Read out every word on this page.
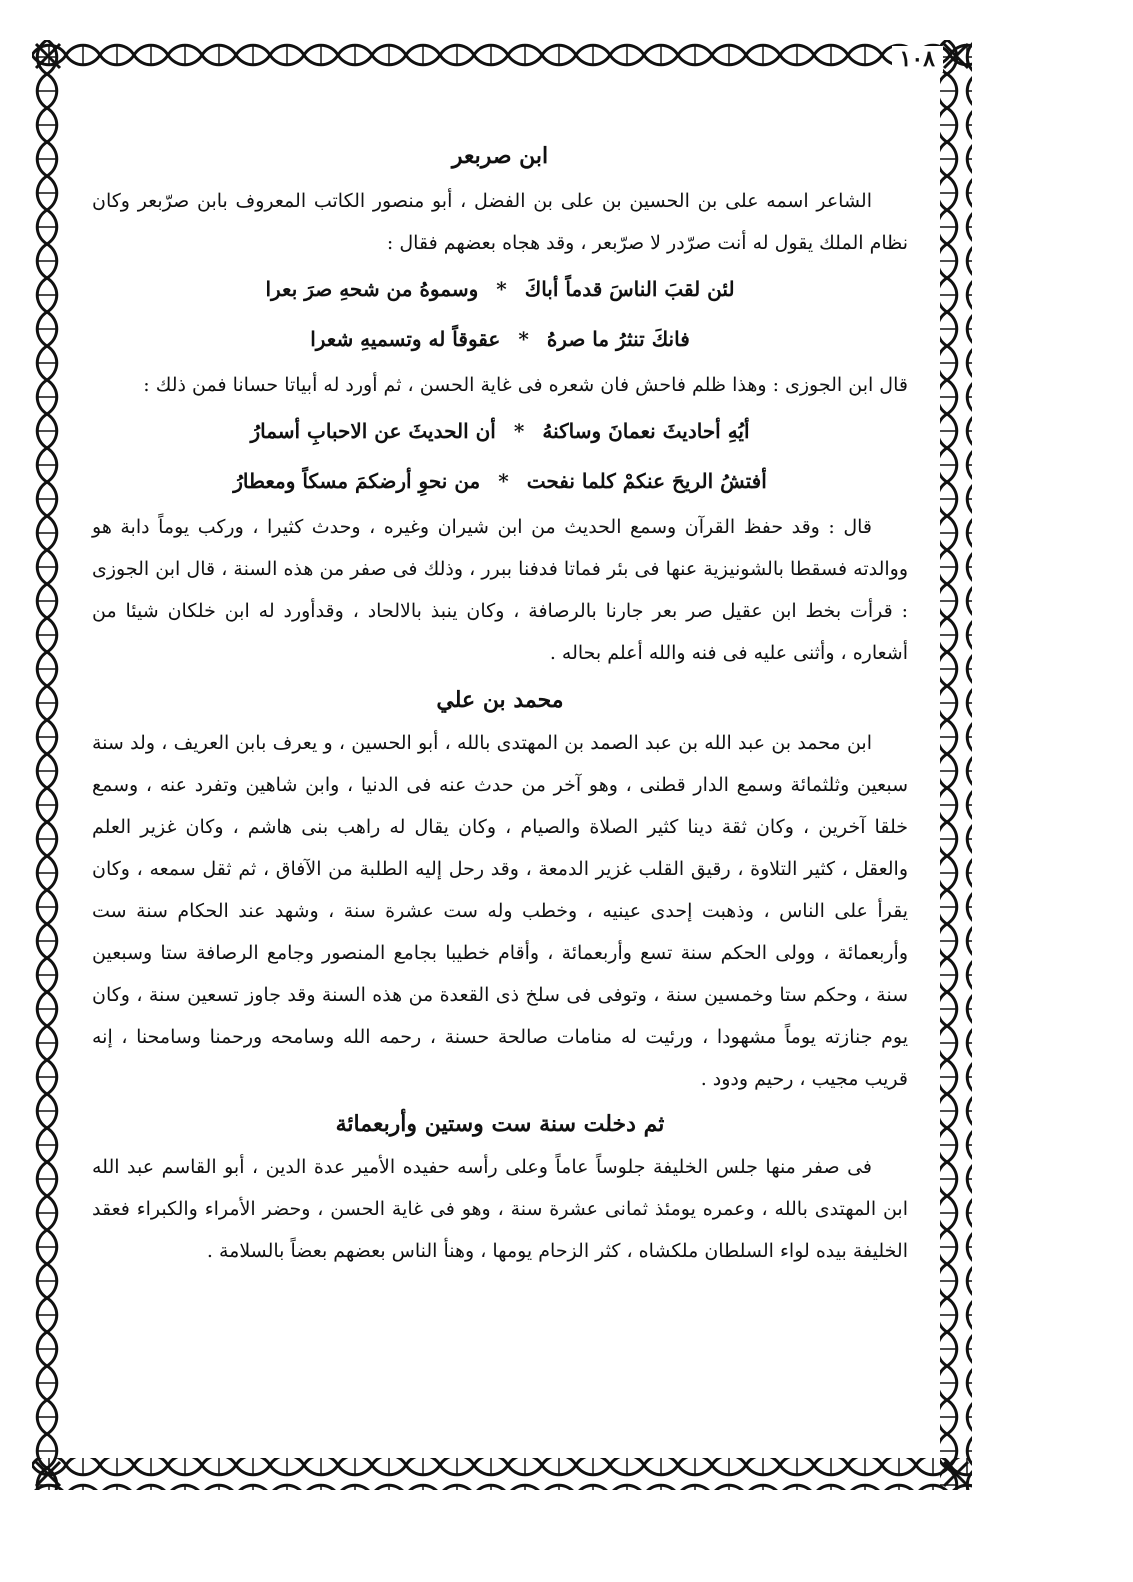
١٠٨
ابن صربعر

الشاعر اسمه على بن الحسين بن على بن الفضل ، أبو منصور الكاتب المعروف بابن صرّبعر وكان نظام الملك يقول له أنت صرّدر لا صرّبعر ، وقد هجاه بعضهم فقال :

لئن لقبَ الناسَ قدماً أباكَ
*
وسموهُ من شحهِ صرَ بعرا
فانكَ تنثرُ ما صرهُ
*
عقوقاً له وتسميهِ شعرا

قال ابن الجوزى : وهذا ظلم فاحش فان شعره فى غاية الحسن ، ثم أورد له أبياتا حسانا فمن ذلك :

أيُهِ أحاديثَ نعمانَ وساكنهُ
*
أن الحديثَ عن الاحبابِ أسمارُ
أفتشُ الريحَ عنكمْ كلما نفحت
*
من نحوِ أرضكمَ مسكاً ومعطارُ

قال : وقد حفظ القرآن وسمع الحديث من ابن شيران وغيره ، وحدث كثيرا ، وركب يوماً دابة هو ووالدته فسقطا بالشونيزية عنها فى بئر فماتا فدفنا ببرر ، وذلك فى صفر من هذه السنة ، قال ابن الجوزى : قرأت بخط ابن عقيل صر بعر جارنا بالرصافة ، وكان ينبذ بالالحاد ، وقدأورد له ابن خلكان شيئا من أشعاره ، وأثنى عليه فى فنه والله أعلم بحاله .

محمد بن علي

ابن محمد بن عبد الله بن عبد الصمد بن المهتدى بالله ، أبو الحسين ، و يعرف بابن العريف ، ولد سنة سبعين وثلثمائة وسمع الدار قطنى ، وهو آخر من حدث عنه فى الدنيا ، وابن شاهين وتفرد عنه ، وسمع خلقا آخرين ، وكان ثقة دينا كثير الصلاة والصيام ، وكان يقال له راهب بنى هاشم ، وكان غزير العلم والعقل ، كثير التلاوة ، رقيق القلب غزير الدمعة ، وقد رحل إليه الطلبة من الآفاق ، ثم ثقل سمعه ، وكان يقرأ على الناس ، وذهبت إحدى عينيه ، وخطب وله ست عشرة سنة ، وشهد عند الحكام سنة ست وأربعمائة ، وولى الحكم سنة تسع وأربعمائة ، وأقام خطيبا بجامع المنصور وجامع الرصافة ستا وسبعين سنة ، وحكم ستا وخمسين سنة ، وتوفى فى سلخ ذى القعدة من هذه السنة وقد جاوز تسعين سنة ، وكان يوم جنازته يوماً مشهودا ، ورئيت له منامات صالحة حسنة ، رحمه الله وسامحه ورحمنا وسامحنا ، إنه قريب مجيب ، رحيم ودود .

ثم دخلت سنة ست وستين وأربعمائة

فى صفر منها جلس الخليفة جلوساً عاماً وعلى رأسه حفيده الأمير عدة الدين ، أبو القاسم عبد الله ابن المهتدى بالله ، وعمره يومئذ ثمانى عشرة سنة ، وهو فى غاية الحسن ، وحضر الأمراء والكبراء فعقد الخليفة بيده لواء السلطان ملكشاه ، كثر الزحام يومها ، وهنأ الناس بعضهم بعضاً بالسلامة .
